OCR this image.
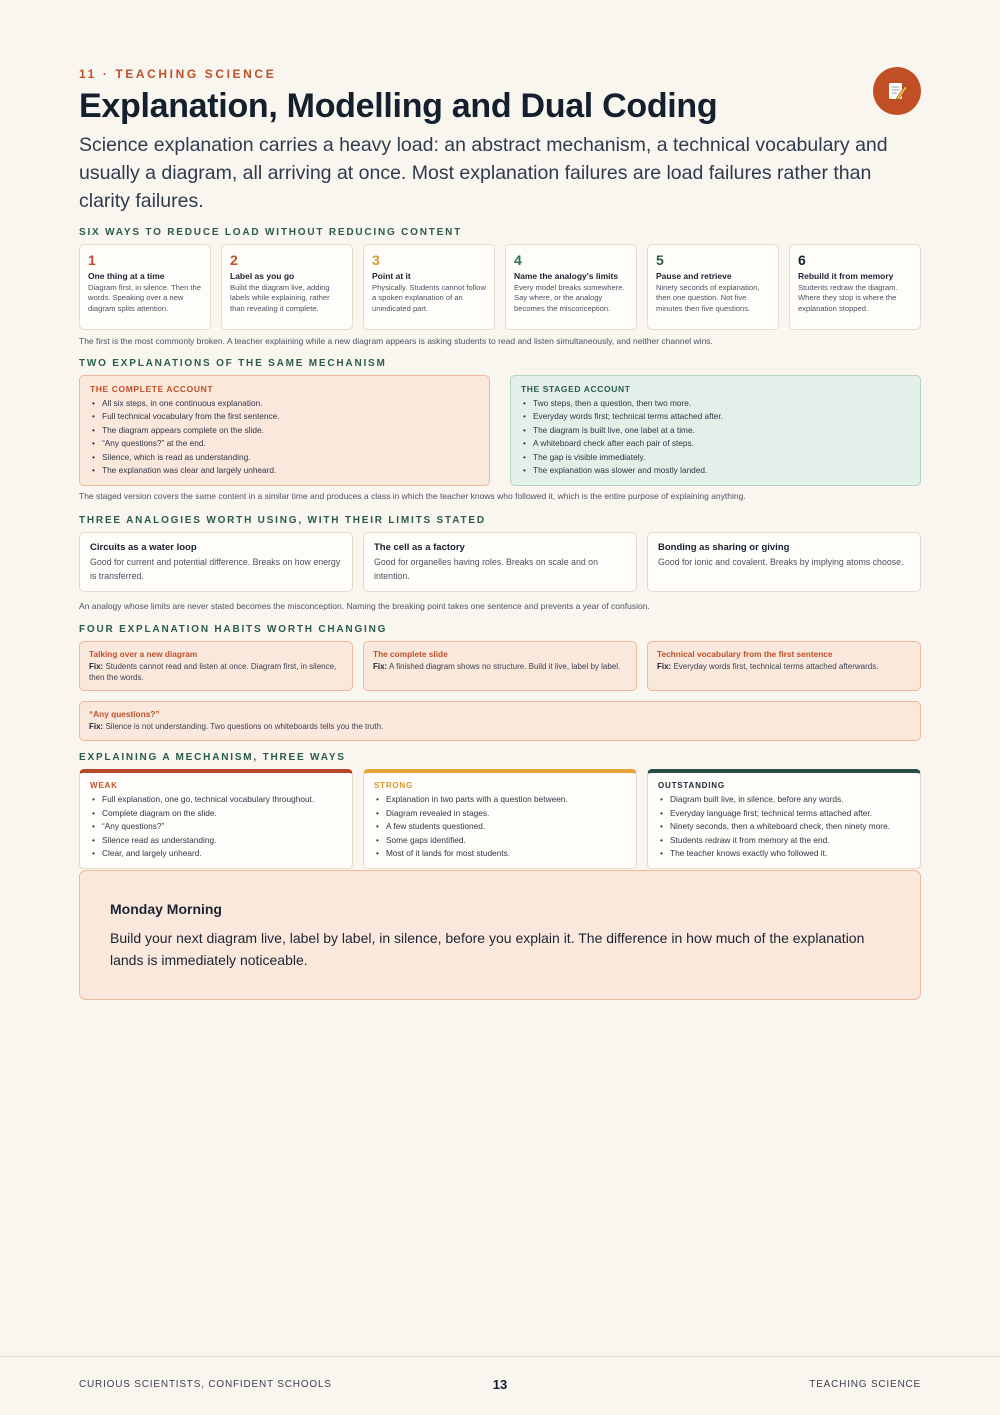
11 · TEACHING SCIENCE
Explanation, Modelling and Dual Coding

Science explanation carries a heavy load: an abstract mechanism, a technical vocabulary and usually a diagram, all arriving at once. Most explanation failures are load failures rather than clarity failures.

SIX WAYS TO REDUCE LOAD WITHOUT REDUCING CONTENT
1
One thing at a time
Diagram first, in silence. Then the words. Speaking over a new diagram splits attention.
2
Label as you go
Build the diagram live, adding labels while explaining, rather than revealing it complete.
3
Point at it
Physically. Students cannot follow a spoken explanation of an unindicated part.
4
Name the analogy's limits
Every model breaks somewhere. Say where, or the analogy becomes the misconception.
5
Pause and retrieve
Ninety seconds of explanation, then one question. Not five minutes then five questions.
6
Rebuild it from memory
Students redraw the diagram. Where they stop is where the explanation stopped.
The first is the most commonly broken. A teacher explaining while a new diagram appears is asking students to read and listen simultaneously, and neither channel wins.
TWO EXPLANATIONS OF THE SAME MECHANISM
THE COMPLETE ACCOUNT
• All six steps, in one continuous explanation.
• Full technical vocabulary from the first sentence.
• The diagram appears complete on the slide.
• “Any questions?” at the end.
• Silence, which is read as understanding.
• The explanation was clear and largely unheard.
THE STAGED ACCOUNT
• Two steps, then a question, then two more.
• Everyday words first; technical terms attached after.
• The diagram is built live, one label at a time.
• A whiteboard check after each pair of steps.
• The gap is visible immediately.
• The explanation was slower and mostly landed.
The staged version covers the same content in a similar time and produces a class in which the teacher knows who followed it, which is the entire purpose of explaining anything.
THREE ANALOGIES WORTH USING, WITH THEIR LIMITS STATED
Circuits as a water loop
Good for current and potential difference. Breaks on how energy is transferred.
The cell as a factory
Good for organelles having roles. Breaks on scale and on intention.
Bonding as sharing or giving
Good for ionic and covalent. Breaks by implying atoms choose.
An analogy whose limits are never stated becomes the misconception. Naming the breaking point takes one sentence and prevents a year of confusion.
FOUR EXPLANATION HABITS WORTH CHANGING
Talking over a new diagram
Fix: Students cannot read and listen at once. Diagram first, in silence, then the words.
The complete slide
Fix: A finished diagram shows no structure. Build it live, label by label.
Technical vocabulary from the first sentence
Fix: Everyday words first, technical terms attached afterwards.
“Any questions?”
Fix: Silence is not understanding. Two questions on whiteboards tells you the truth.
EXPLAINING A MECHANISM, THREE WAYS
WEAK
• Full explanation, one go, technical vocabulary throughout.
• Complete diagram on the slide.
• “Any questions?”
• Silence read as understanding.
• Clear, and largely unheard.
STRONG
• Explanation in two parts with a question between.
• Diagram revealed in stages.
• A few students questioned.
• Some gaps identified.
• Most of it lands for most students.
OUTSTANDING
• Diagram built live, in silence, before any words.
• Everyday language first; technical terms attached after.
• Ninety seconds, then a whiteboard check, then ninety more.
• Students redraw it from memory at the end.
• The teacher knows exactly who followed it.
Monday Morning
Build your next diagram live, label by label, in silence, before you explain it. The difference in how much of the explanation lands is immediately noticeable.
CURIOUS SCIENTISTS, CONFIDENT SCHOOLS	13	TEACHING SCIENCE
